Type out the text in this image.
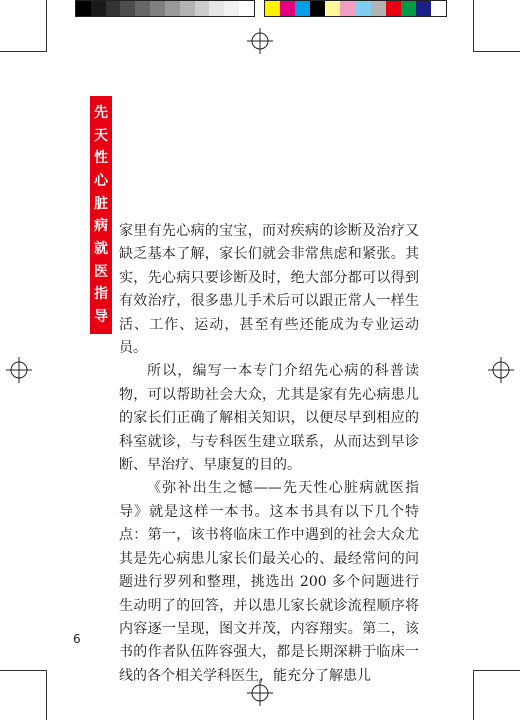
先
天
性
心
脏
病
就
医
指
导

家里有先心病的宝宝，而对疾病的诊断及治疗又缺乏基本了解，家长们就会非常焦虑和紧张。其实，先心病只要诊断及时，绝大部分都可以得到有效治疗，很多患儿手术后可以跟正常人一样生活、工作、运动，甚至有些还能成为专业运动员。

所以，编写一本专门介绍先心病的科普读物，可以帮助社会大众，尤其是家有先心病患儿的家长们正确了解相关知识，以便尽早到相应的科室就诊，与专科医生建立联系，从而达到早诊断、早治疗、早康复的目的。

《弥补出生之憾——先天性心脏病就医指导》就是这样一本书。这本书具有以下几个特点：第一，该书将临床工作中遇到的社会大众尤其是先心病患儿家长们最关心的、最经常问的问题进行罗列和整理，挑选出 200 多个问题进行生动明了的回答，并以患儿家长就诊流程顺序将内容逐一呈现，图文并茂，内容翔实。第二，该书的作者队伍阵容强大，都是长期深耕于临床一线的各个相关学科医生，能充分了解患儿

6
